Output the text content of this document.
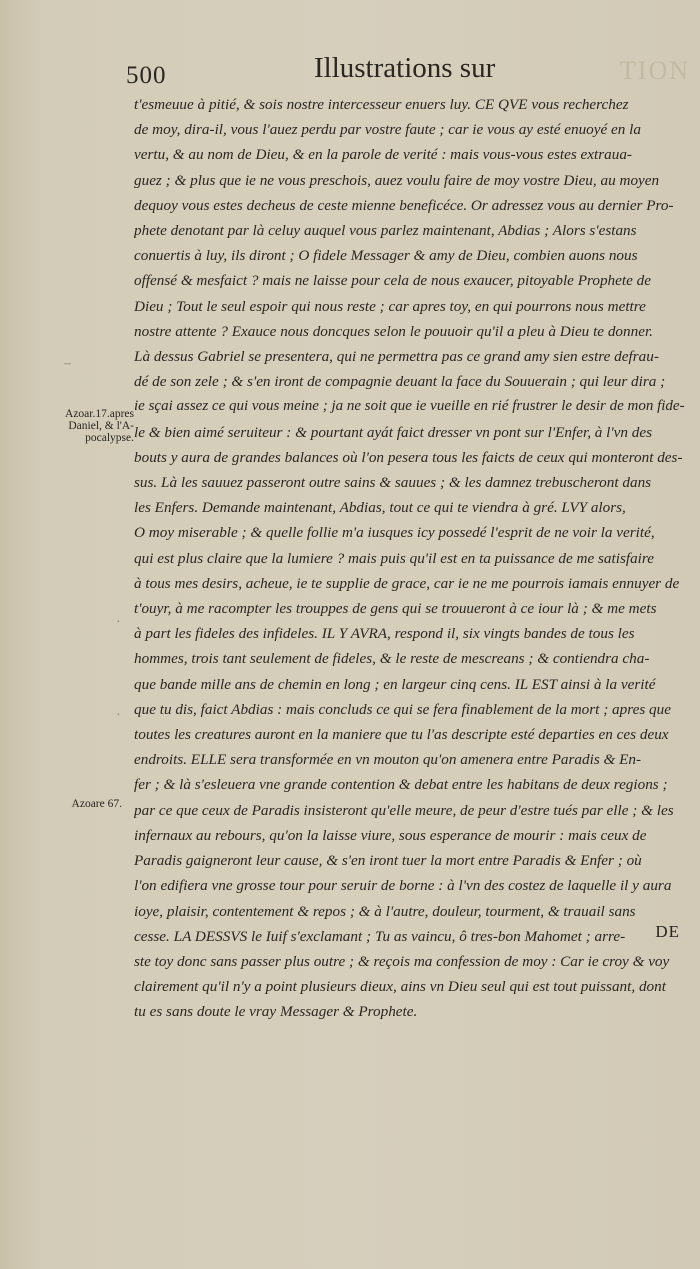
500	Illustrations sur	TION
Azoar.17.apres Daniel, & l'A-pocalypse.
Azoare 67.
–
·
·
t'esmeuue à pitié, & sois nostre intercesseur enuers luy. CE QVE vous recherchez
de moy, dira-il, vous l'auez perdu par vostre faute ; car ie vous ay esté enuoyé en la
vertu, & au nom de Dieu, & en la parole de verité : mais vous-vous estes extraua-
guez ; & plus que ie ne vous preschois, auez voulu faire de moy vostre Dieu, au moyen
dequoy vous estes decheus de ceste mienne beneficéce. Or adressez vous au dernier Pro-
phete denotant par là celuy auquel vous parlez maintenant, Abdias ; Alors s'estans
conuertis à luy, ils diront ; O fidele Messager & amy de Dieu, combien auons nous
offensé & mesfaict ? mais ne laisse pour cela de nous exaucer, pitoyable Prophete de
Dieu ; Tout le seul espoir qui nous reste ; car apres toy, en qui pourrons nous mettre
nostre attente ? Exauce nous doncques selon le pouuoir qu'il a pleu à Dieu te donner.
Là dessus Gabriel se presentera, qui ne permettra pas ce grand amy sien estre defrau-
dé de son zele ; & s'en iront de compagnie deuant la face du Souuerain ; qui leur dira ;
ie sçai assez ce qui vous meine ; ja ne soit que ie vueille en rié frustrer le desir de mon fide-
le & bien aimé seruiteur : & pourtant ayát faict dresser vn pont sur l'Enfer, à l'vn des
bouts y aura de grandes balances où l'on pesera tous les faicts de ceux qui monteront des-
sus. Là les sauuez passeront outre sains & sauues ; & les damnez trebuscheront dans
les Enfers. Demande maintenant, Abdias, tout ce qui te viendra à gré. LVY alors,
O moy miserable ; & quelle follie m'a iusques icy possedé l'esprit de ne voir la verité,
qui est plus claire que la lumiere ? mais puis qu'il est en ta puissance de me satisfaire
à tous mes desirs, acheue, ie te supplie de grace, car ie ne me pourrois iamais ennuyer de
t'ouyr, à me racompter les trouppes de gens qui se trouueront à ce iour là ; & me mets
à part les fideles des infideles. IL Y AVRA, respond il, six vingts bandes de tous les
hommes, trois tant seulement de fideles, & le reste de mescreans ; & contiendra cha-
que bande mille ans de chemin en long ; en largeur cinq cens. IL EST ainsi à la verité
que tu dis, faict Abdias : mais concluds ce qui se fera finablement de la mort ; apres que
toutes les creatures auront en la maniere que tu l'as descripte esté departies en ces deux
endroits. ELLE sera transformée en vn mouton qu'on amenera entre Paradis & En-
fer ; & là s'esleuera vne grande contention & debat entre les habitans de deux regions ;
par ce que ceux de Paradis insisteront qu'elle meure, de peur d'estre tués par elle ; & les
infernaux au rebours, qu'on la laisse viure, sous esperance de mourir : mais ceux de
Paradis gaigneront leur cause, & s'en iront tuer la mort entre Paradis & Enfer ; où
l'on edifiera vne grosse tour pour seruir de borne : à l'vn des costez de laquelle il y aura
ioye, plaisir, contentement & repos ; & à l'autre, douleur, tourment, & trauail sans
cesse. LA DESSVS le Iuif s'exclamant ; Tu as vaincu, ô tres-bon Mahomet ; arre-
ste toy donc sans passer plus outre ; & reçois ma confession de moy : Car ie croy & voy
clairement qu'il n'y a point plusieurs dieux, ains vn Dieu seul qui est tout puissant, dont
tu es sans doute le vray Messager & Prophete.
DE
